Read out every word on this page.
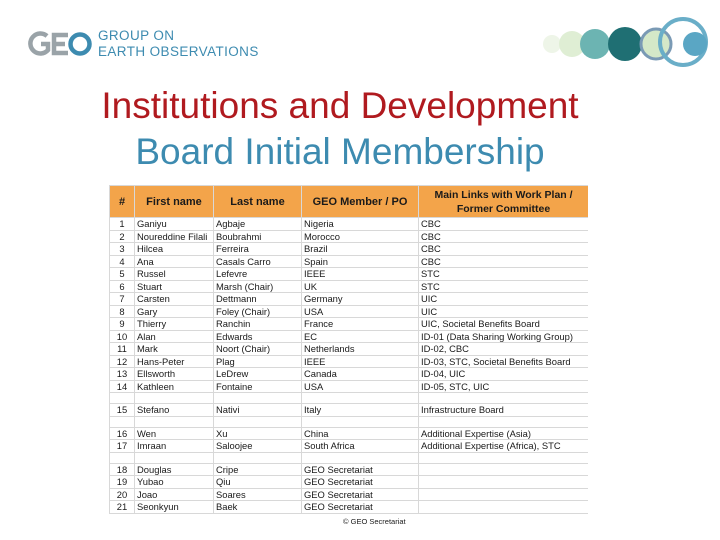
GROUP ON
EARTH OBSERVATIONS
Institutions and Development
Board Initial Membership
#	First name	Last name	GEO Member / PO	Main Links with Work Plan / Former Committee
1	Ganiyu	Agbaje	Nigeria	CBC
2	Noureddine Filali	Boubrahmi	Morocco	CBC
3	Hilcea	Ferreira	Brazil	CBC
4	Ana	Casals Carro	Spain	CBC
5	Russel	Lefevre	IEEE	STC
6	Stuart	Marsh (Chair)	UK	STC
7	Carsten	Dettmann	Germany	UIC
8	Gary	Foley (Chair)	USA	UIC
9	Thierry	Ranchin	France	UIC, Societal Benefits Board
10	Alan	Edwards	EC	ID-01 (Data Sharing Working Group)
11	Mark	Noort (Chair)	Netherlands	ID-02, CBC
12	Hans-Peter	Plag	IEEE	ID-03, STC, Societal Benefits Board
13	Ellsworth	LeDrew	Canada	ID-04, UIC
14	Kathleen	Fontaine	USA	ID-05, STC, UIC

15	Stefano	Nativi	Italy	Infrastructure Board

16	Wen	Xu	China	Additional Expertise (Asia)
17	Imraan	Saloojee	South Africa	Additional Expertise (Africa), STC

18	Douglas	Cripe	GEO Secretariat	
19	Yubao	Qiu	GEO Secretariat	
20	Joao	Soares	GEO Secretariat	
21	Seonkyun	Baek	GEO Secretariat	
© GEO Secretariat
